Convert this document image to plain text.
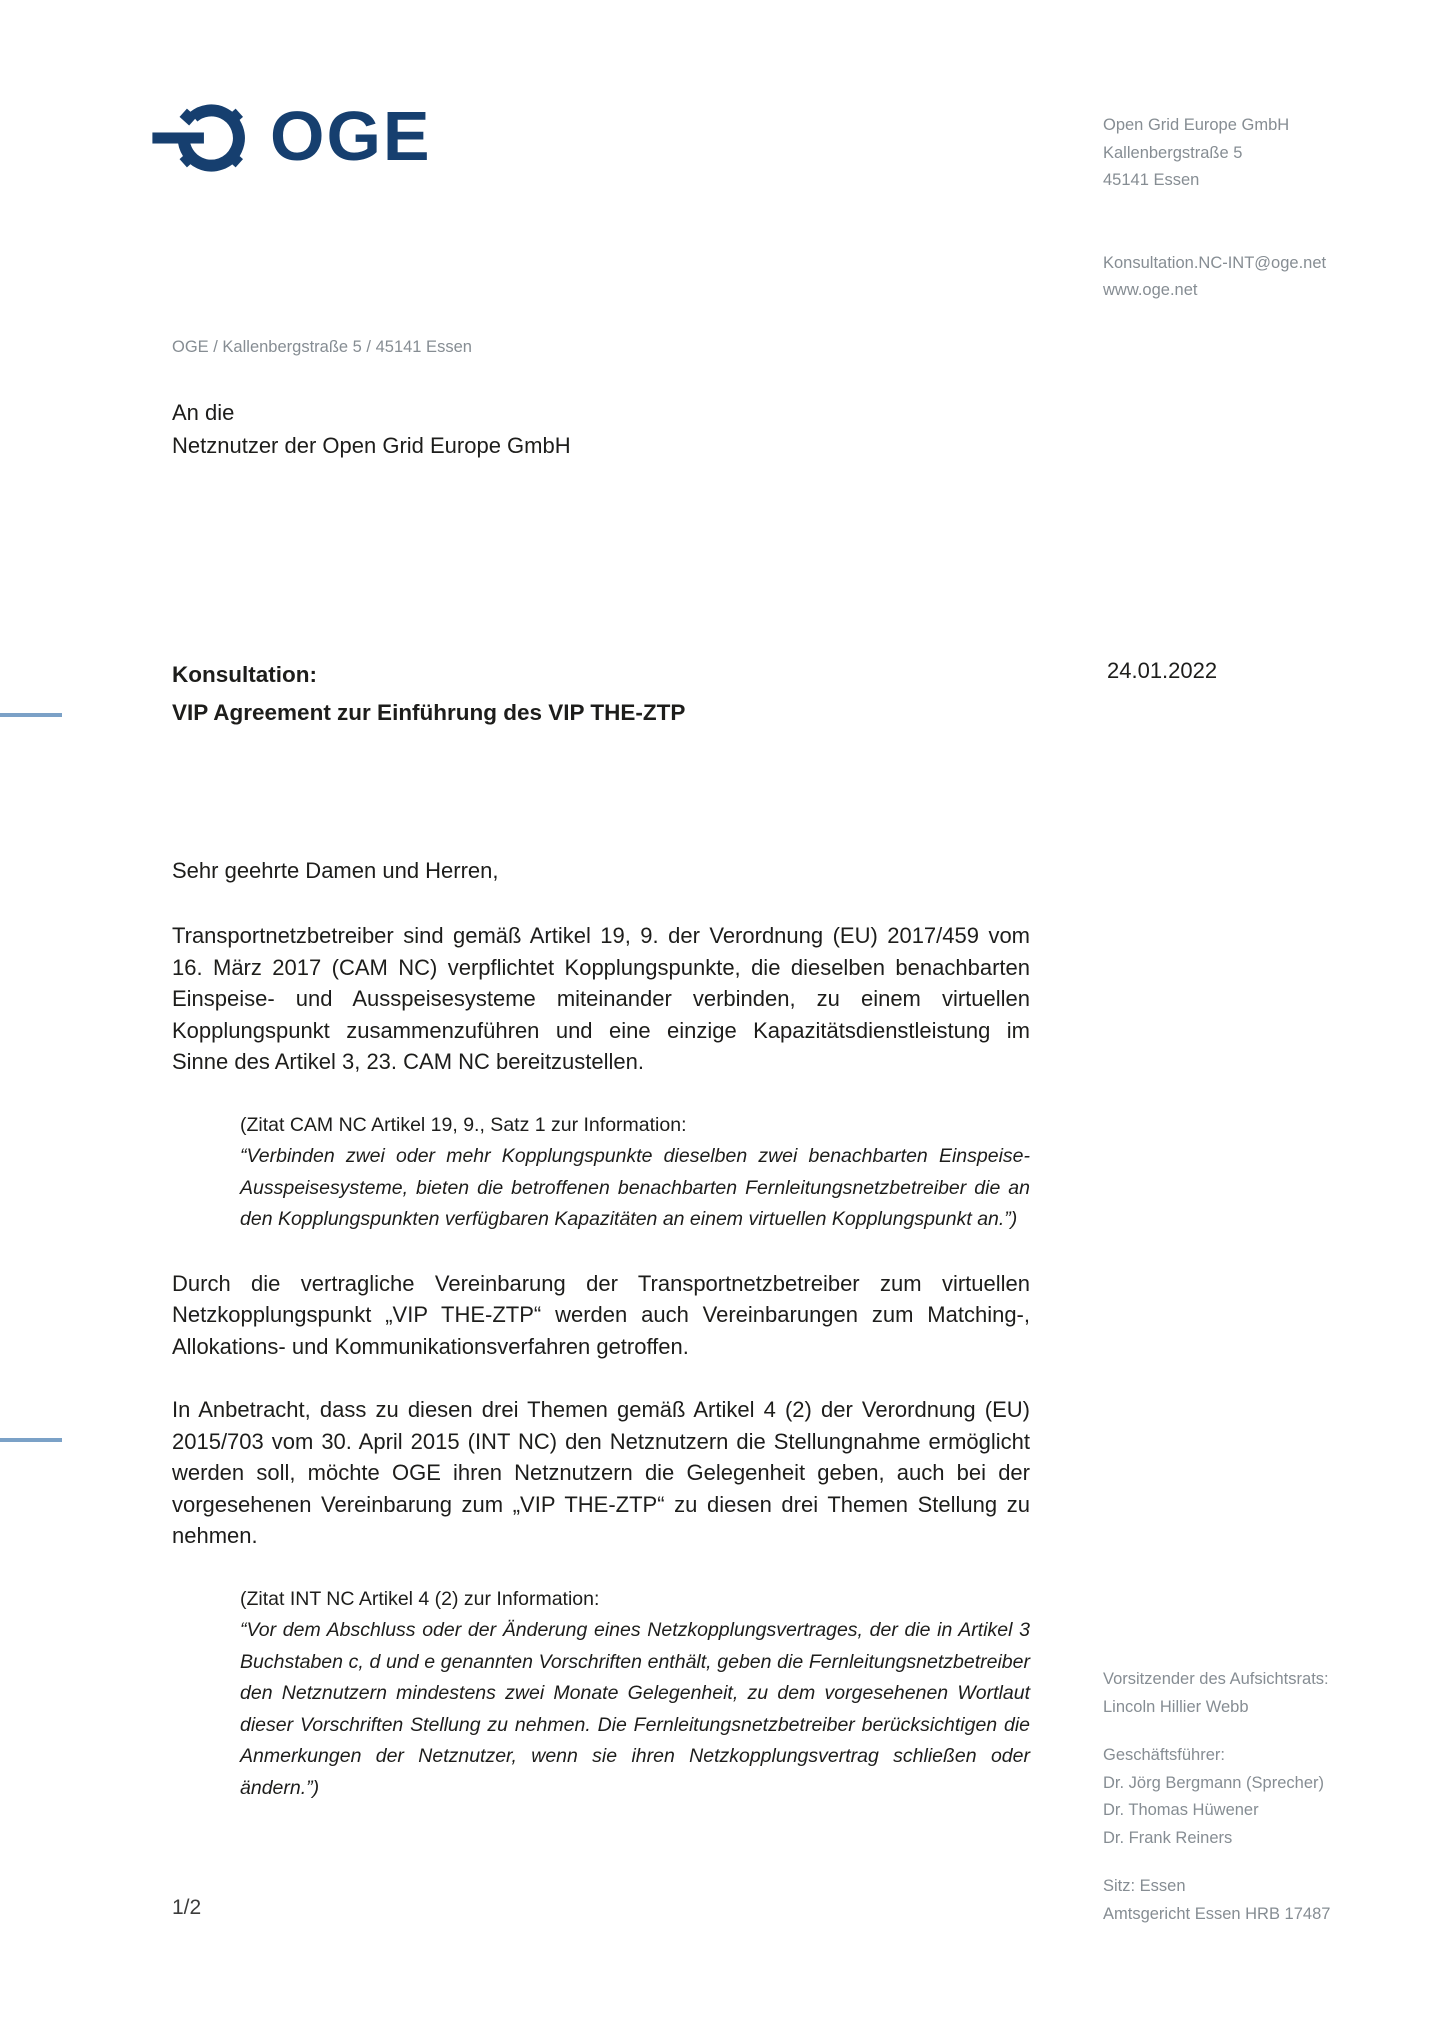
OGE	Open Grid Europe GmbH
Kallenbergstraße 5
45141 Essen
Konsultation.NC-INT@oge.net
www.oge.net
OGE / Kallenbergstraße 5 / 45141 Essen
An die
Netznutzer der Open Grid Europe GmbH
Konsultation:
VIP Agreement zur Einführung des VIP THE-ZTP
24.01.2022
Sehr geehrte Damen und Herren,

Transportnetzbetreiber sind gemäß Artikel 19, 9. der Verordnung (EU) 2017/459 vom 16. März 2017 (CAM NC) verpflichtet Kopplungspunkte, die dieselben benachbarten Einspeise- und Ausspeisesysteme miteinander verbinden, zu einem virtuellen Kopplungspunkt zusammenzuführen und eine einzige Kapazitätsdienstleistung im Sinne des Artikel 3, 23. CAM NC bereitzustellen.

(Zitat CAM NC Artikel 19, 9., Satz 1 zur Information:
“Verbinden zwei oder mehr Kopplungspunkte dieselben zwei benachbarten Einspeise-Ausspeisesysteme, bieten die betroffenen benachbarten Fernleitungsnetzbetreiber die an den Kopplungspunkten verfügbaren Kapazitäten an einem virtuellen Kopplungspunkt an.”)

Durch die vertragliche Vereinbarung der Transportnetzbetreiber zum virtuellen Netzkopplungspunkt „VIP THE-ZTP“ werden auch Vereinbarungen zum Matching-, Allokations- und Kommunikationsverfahren getroffen.

In Anbetracht, dass zu diesen drei Themen gemäß Artikel 4 (2) der Verordnung (EU) 2015/703 vom 30. April 2015 (INT NC) den Netznutzern die Stellungnahme ermöglicht werden soll, möchte OGE ihren Netznutzern die Gelegenheit geben, auch bei der vorgesehenen Vereinbarung zum „VIP THE-ZTP“ zu diesen drei Themen Stellung zu nehmen.

(Zitat INT NC Artikel 4 (2) zur Information:
“Vor dem Abschluss oder der Änderung eines Netzkopplungsvertrages, der die in Artikel 3 Buchstaben c, d und e genannten Vorschriften enthält, geben die Fernleitungsnetzbetreiber den Netznutzern mindestens zwei Monate Gelegenheit, zu dem vorgesehenen Wortlaut dieser Vorschriften Stellung zu nehmen. Die Fernleitungsnetzbetreiber berücksichtigen die Anmerkungen der Netznutzer, wenn sie ihren Netzkopplungsvertrag schließen oder ändern.”)
Vorsitzender des Aufsichtsrats:
Lincoln Hillier Webb
Geschäftsführer:
Dr. Jörg Bergmann (Sprecher)
Dr. Thomas Hüwener
Dr. Frank Reiners
Sitz: Essen
Amtsgericht Essen HRB 17487
1/2
